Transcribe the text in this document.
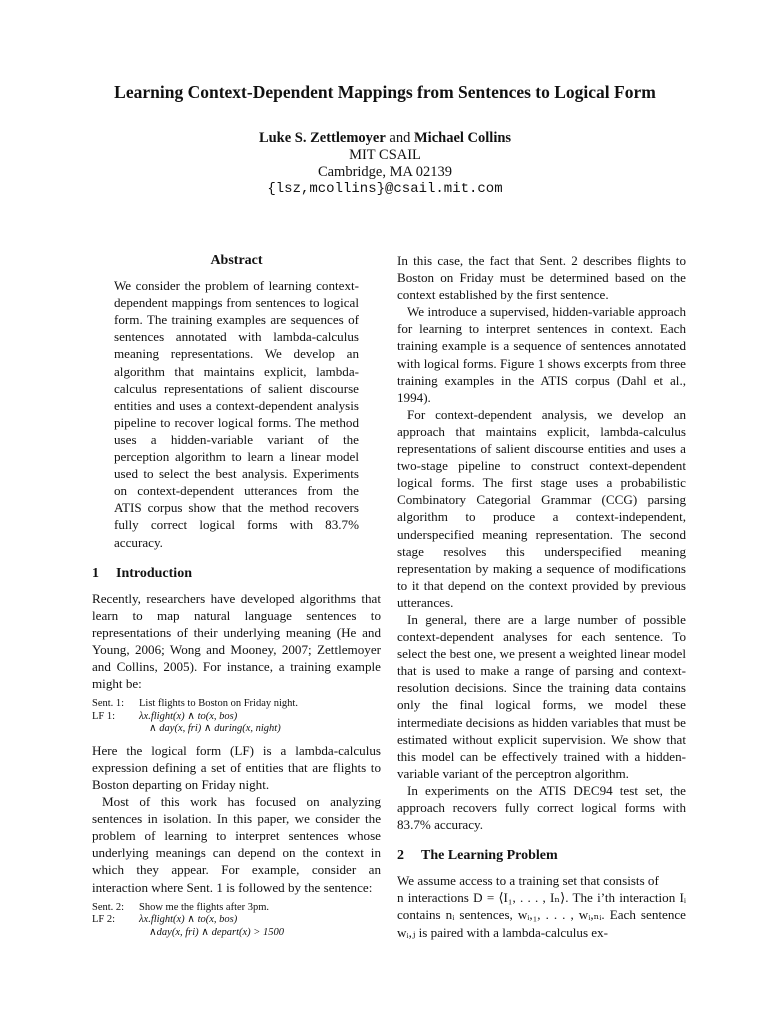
Learning Context-Dependent Mappings from Sentences to Logical Form
Luke S. Zettlemoyer and Michael Collins
MIT CSAIL
Cambridge, MA 02139
{lsz,mcollins}@csail.mit.com
Abstract

We consider the problem of learning context-dependent mappings from sentences to logical form. The training examples are sequences of sentences annotated with lambda-calculus meaning representations. We develop an algorithm that maintains explicit, lambda-calculus representations of salient discourse entities and uses a context-dependent analysis pipeline to recover logical forms. The method uses a hidden-variable variant of the perception algorithm to learn a linear model used to select the best analysis. Experiments on context-dependent utterances from the ATIS corpus show that the method recovers fully correct logical forms with 83.7% accuracy.

1 Introduction

Recently, researchers have developed algorithms that learn to map natural language sentences to representations of their underlying meaning (He and Young, 2006; Wong and Mooney, 2007; Zettlemoyer and Collins, 2005). For instance, a training example might be:

Sent. 1:	List flights to Boston on Friday night.
LF 1:	λx.flight(x) ∧ to(x, bos)
∧ day(x, fri) ∧ during(x, night)

Here the logical form (LF) is a lambda-calculus expression defining a set of entities that are flights to Boston departing on Friday night.

Most of this work has focused on analyzing sentences in isolation. In this paper, we consider the problem of learning to interpret sentences whose underlying meanings can depend on the context in which they appear. For example, consider an interaction where Sent. 1 is followed by the sentence:

Sent. 2:	Show me the flights after 3pm.
LF 2:	λx.flight(x) ∧ to(x, bos)
∧day(x, fri) ∧ depart(x) > 1500

In this case, the fact that Sent. 2 describes flights to Boston on Friday must be determined based on the context established by the first sentence.

We introduce a supervised, hidden-variable approach for learning to interpret sentences in context. Each training example is a sequence of sentences annotated with logical forms. Figure 1 shows excerpts from three training examples in the ATIS corpus (Dahl et al., 1994).

For context-dependent analysis, we develop an approach that maintains explicit, lambda-calculus representations of salient discourse entities and uses a two-stage pipeline to construct context-dependent logical forms. The first stage uses a probabilistic Combinatory Categorial Grammar (CCG) parsing algorithm to produce a context-independent, underspecified meaning representation. The second stage resolves this underspecified meaning representation by making a sequence of modifications to it that depend on the context provided by previous utterances.

In general, there are a large number of possible context-dependent analyses for each sentence. To select the best one, we present a weighted linear model that is used to make a range of parsing and context-resolution decisions. Since the training data contains only the final logical forms, we model these intermediate decisions as hidden variables that must be estimated without explicit supervision. We show that this model can be effectively trained with a hidden-variable variant of the perceptron algorithm.

In experiments on the ATIS DEC94 test set, the approach recovers fully correct logical forms with 83.7% accuracy.

2 The Learning Problem

We assume access to a training set that consists of

n interactions D = ⟨I₁, . . . , Iₙ⟩. The i’th interaction Iᵢ contains nᵢ sentences, wᵢ,₁, . . . , wᵢ,ₙᵢ. Each sentence wᵢ,ⱼ is paired with a lambda-calculus ex-
